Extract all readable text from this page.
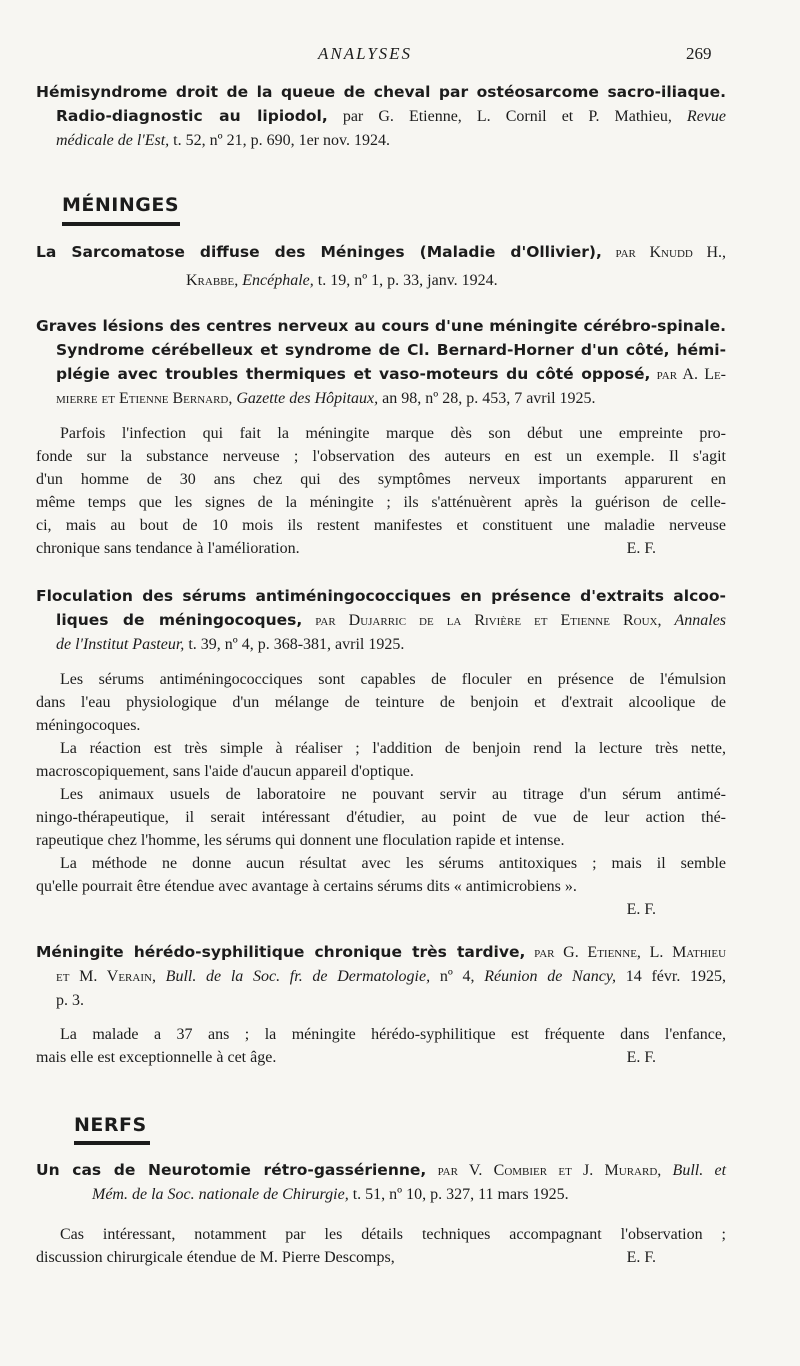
ANALYSES	269
Hémisyndrome droit de la queue de cheval par ostéosarcome sacro-iliaque.
Radio-diagnostic au lipiodol, par G. Etienne, L. Cornil et P. Mathieu, Revue
médicale de l'Est, t. 52, nº 21, p. 690, 1er nov. 1924.
MÉNINGES
La Sarcomatose diffuse des Méninges (Maladie d'Ollivier), par Knudd H.,
Krabbe, Encéphale, t. 19, nº 1, p. 33, janv. 1924.
Graves lésions des centres nerveux au cours d'une méningite cérébro-spinale.
Syndrome cérébelleux et syndrome de Cl. Bernard-Horner d'un côté, hémi-
plégie avec troubles thermiques et vaso-moteurs du côté opposé, par A. Le-
mierre et Etienne Bernard, Gazette des Hôpitaux, an 98, nº 28, p. 453, 7 avril 1925.
Parfois l'infection qui fait la méningite marque dès son début une empreinte pro-
fonde sur la substance nerveuse ; l'observation des auteurs en est un exemple. Il s'agit
d'un homme de 30 ans chez qui des symptômes nerveux importants apparurent en
même temps que les signes de la méningite ; ils s'atténuèrent après la guérison de celle-
ci, mais au bout de 10 mois ils restent manifestes et constituent une maladie nerveuse
chronique sans tendance à l'amélioration.	E. F.
Floculation des sérums antiméningococciques en présence d'extraits alcoo-
liques de méningocoques, par Dujarric de la Rivière et Etienne Roux, Annales
de l'Institut Pasteur, t. 39, nº 4, p. 368-381, avril 1925.
Les sérums antiméningococciques sont capables de floculer en présence de l'émulsion
dans l'eau physiologique d'un mélange de teinture de benjoin et d'extrait alcoolique de
méningocoques.
La réaction est très simple à réaliser ; l'addition de benjoin rend la lecture très nette,
macroscopiquement, sans l'aide d'aucun appareil d'optique.
Les animaux usuels de laboratoire ne pouvant servir au titrage d'un sérum antimé-
ningo-thérapeutique, il serait intéressant d'étudier, au point de vue de leur action thé-
rapeutique chez l'homme, les sérums qui donnent une floculation rapide et intense.
La méthode ne donne aucun résultat avec les sérums antitoxiques ; mais il semble
qu'elle pourrait être étendue avec avantage à certains sérums dits « antimicrobiens ».
E. F.
Méningite hérédo-syphilitique chronique très tardive, par G. Etienne, L. Mathieu
et M. Verain, Bull. de la Soc. fr. de Dermatologie, nº 4, Réunion de Nancy, 14 févr. 1925,
p. 3.
La malade a 37 ans ; la méningite hérédo-syphilitique est fréquente dans l'enfance,
mais elle est exceptionnelle à cet âge.	E. F.
NERFS
Un cas de Neurotomie rétro-gassérienne, par V. Combier et J. Murard, Bull. et
Mém. de la Soc. nationale de Chirurgie, t. 51, nº 10, p. 327, 11 mars 1925.
Cas intéressant, notamment par les détails techniques accompagnant l'observation ;
discussion chirurgicale étendue de M. Pierre Descomps,	E. F.
